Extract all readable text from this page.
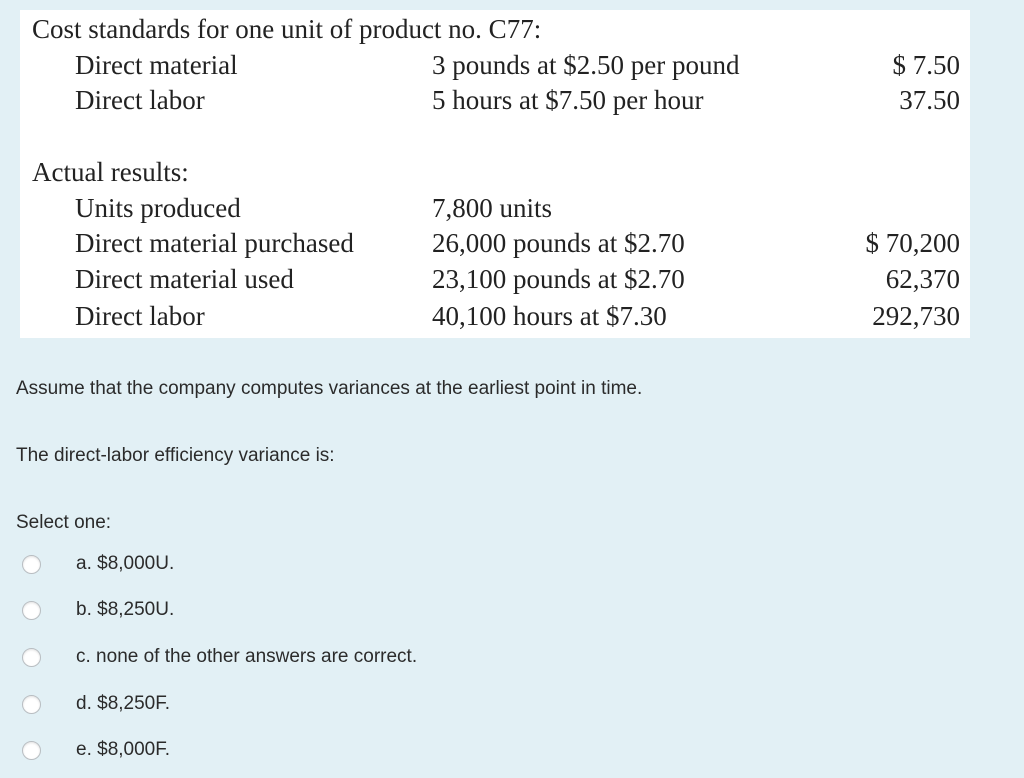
Cost standards for one unit of product no. C77:
Direct material	3 pounds at $2.50 per pound	$ 7.50
Direct labor	5 hours at $7.50 per hour	37.50
Actual results:
Units produced	7,800 units
Direct material purchased	26,000 pounds at $2.70	$ 70,200
Direct material used	23,100 pounds at $2.70	62,370
Direct labor	40,100 hours at $7.30	292,730
Assume that the company computes variances at the earliest point in time.
The direct-labor efficiency variance is:
Select one:
a. $8,000U.
b. $8,250U.
c. none of the other answers are correct.
d. $8,250F.
e. $8,000F.
